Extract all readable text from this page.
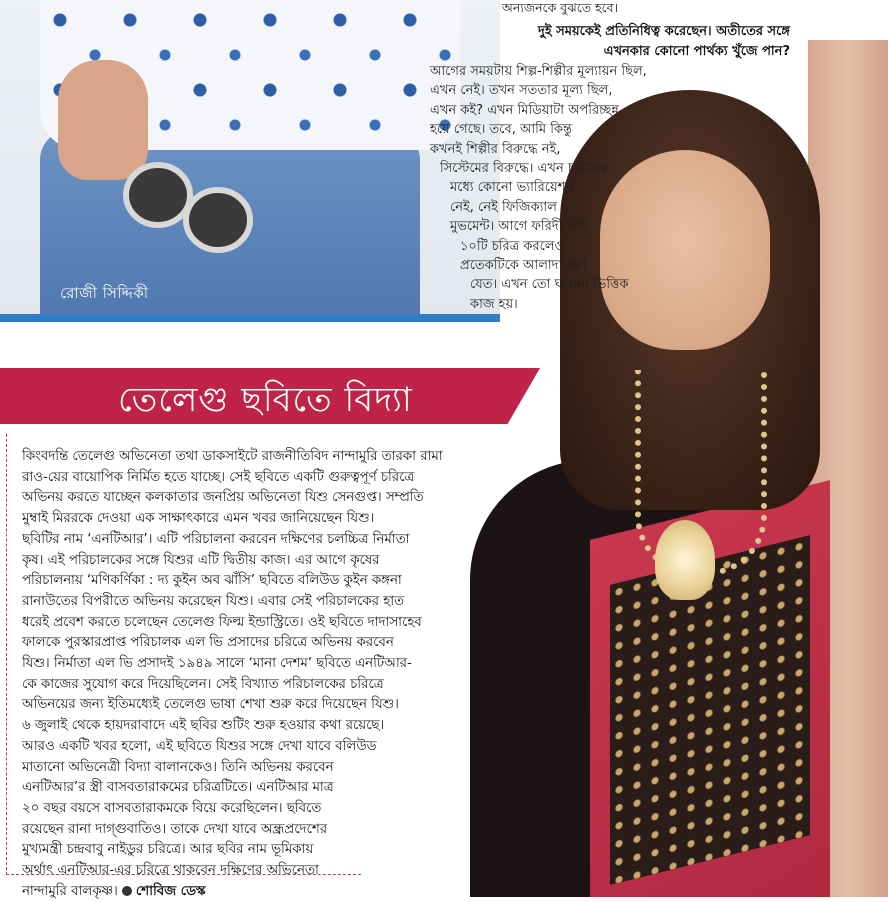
রোজী সিদ্দিকী
অন্যজনকে বুঝতে হবে।
দুই সময়কেই প্রতিনিধিত্ব করেছেন। অতীতের সঙ্গে
এখনকার কোনো পার্থক্য খুঁজে পান?
আগের সময়টায় শিল্প-শিল্পীর মূল্যায়ন ছিল,
এখন নেই। তখন সততার মূল্য ছিল,
এখন কই? এখন মিডিয়াটা অপরিচ্ছন্ন
হয়ে গেছে। তবে, আমি কিন্তু
কখনই শিল্পীর বিরুদ্ধে নই,
সিস্টেমের বিরুদ্ধে। এখন চরিত্রের
মধ্যে কোনো ভ্যারিয়েশন
নেই, নেই ফিজিক্যাল
মুভমেন্ট। আগে ফরিদী ভাই
১০টি চরিত্র করলেও
প্রতেকটিকে আলাদা করা
যেত। এখন তো ঘারানা ভিত্তিক
কাজ হয়।
তেলেগু ছবিতে বিদ্যা
কিংবদন্তি তেলেগু অভিনেতা তথা ডাকসাইটে রাজনীতিবিদ নান্দামুরি তারকা রামা
রাও-য়ের বায়োপিক নির্মিত হতে যাচ্ছে। সেই ছবিতে একটি গুরুত্বপূর্ণ চরিত্রে
অভিনয় করতে যাচ্ছেন কলকাতার জনপ্রিয় অভিনেতা যিশু সেনগুপ্ত। সম্প্রতি
মুম্বাই মিররকে দেওয়া এক সাক্ষাৎকারে এমন খবর জানিয়েছেন যিশু।
ছবিটির নাম ‘এনটিআর’। এটি পরিচালনা করবেন দক্ষিণের চলচ্চিত্র নির্মাতা
কৃষ। এই পরিচালকের সঙ্গে যিশুর এটি দ্বিতীয় কাজ। এর আগে কৃষের
পরিচালনায় ‘মণিকর্ণিকা : দ্য কুইন অব ঝাঁসি’ ছবিতে বলিউড কুইন কঙ্গনা
রানাউতের বিপরীতে অভিনয় করেছেন যিশু। এবার সেই পরিচালকের হাত
ধরেই প্রবেশ করতে চলেছেন তেলেগু ফিল্ম ইন্ডাস্ট্রিতে। ওই ছবিতে দাদাসাহেব
ফালকে পুরস্কারপ্রাপ্ত পরিচালক এল ভি প্রসাদের চরিত্রে অভিনয় করবেন
যিশু। নির্মাতা এল ভি প্রসাদই ১৯৪৯ সালে ‘মানা দেশম’ ছবিতে এনটিআর-
কে কাজের সুযোগ করে দিয়েছিলেন। সেই বিখ্যাত পরিচালকের চরিত্রে
অভিনয়ের জন্য ইতিমধ্যেই তেলেগু ভাষা শেখা শুরু করে দিয়েছেন যিশু।
৬ জুলাই থেকে হায়দরাবাদে এই ছবির শুটিং শুরু হওয়ার কথা রয়েছে।
আরও একটি খবর হলো, এই ছবিতে যিশুর সঙ্গে দেখা যাবে বলিউড
মাতানো অভিনেত্রী বিদ্যা বালানকেও। তিনি অভিনয় করবেন
এনটিআর’র স্ত্রী বাসবতারাকমের চরিত্রটিতে। এনটিআর মাত্র
২০ বছর বয়সে বাসবতারাকমকে বিয়ে করেছিলেন। ছবিতে
রয়েছেন রানা দাগ্গুবাতিও। তাকে দেখা যাবে অন্ধ্রপ্রদেশের
মুখ্যমন্ত্রী চন্দ্রবাবু নাইডুর চরিত্রে। আর ছবির নাম ভূমিকায়
অর্থাৎ এনটিআর-এর চরিত্রে থাকবেন দক্ষিণের অভিনেতা
নান্দামুরি বালকৃষ্ণ। শোবিজ ডেস্ক
